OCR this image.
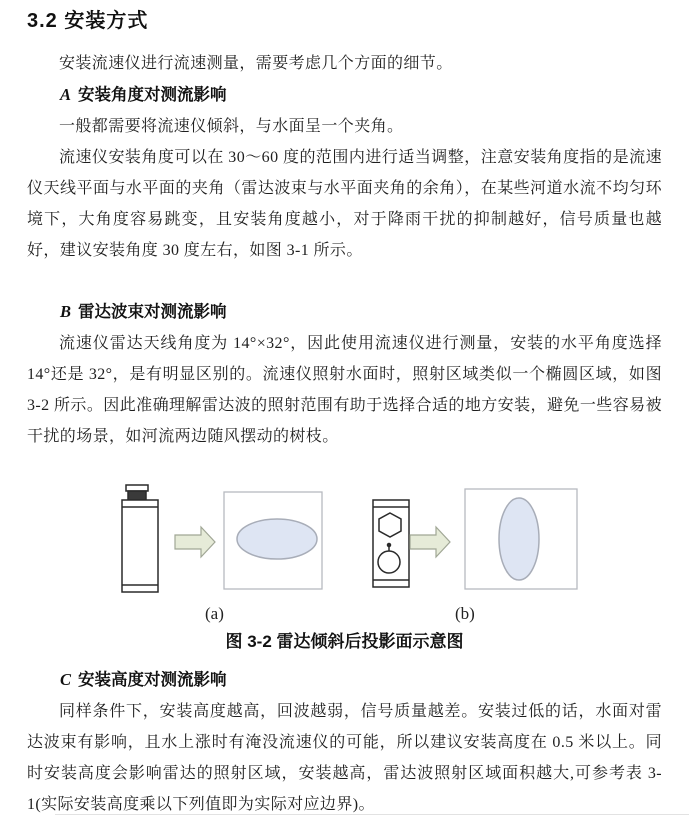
3.2 安装方式

安装流速仪进行流速测量，需要考虑几个方面的细节。

A 安装角度对测流影响

一般都需要将流速仪倾斜，与水面呈一个夹角。

流速仪安装角度可以在 30～60 度的范围内进行适当调整，注意安装角度指的是流速仪天线平面与水平面的夹角（雷达波束与水平面夹角的余角），在某些河道水流不均匀环境下，大角度容易跳变，且安装角度越小，对于降雨干扰的抑制越好，信号质量也越好，建议安装角度 30 度左右，如图 3-1 所示。

B 雷达波束对测流影响

流速仪雷达天线角度为 14°×32°，因此使用流速仪进行测量，安装的水平角度选择 14°还是 32°，是有明显区别的。流速仪照射水面时，照射区域类似一个椭圆区域，如图 3-2 所示。因此准确理解雷达波的照射范围有助于选择合适的地方安装，避免一些容易被干扰的场景，如河流两边随风摆动的树枝。

(a)	(b)
图 3-2 雷达倾斜后投影面示意图
C 安装高度对测流影响

同样条件下，安装高度越高，回波越弱，信号质量越差。安装过低的话，水面对雷达波束有影响，且水上涨时有淹没流速仪的可能，所以建议安装高度在 0.5 米以上。同时安装高度会影响雷达的照射区域，安装越高，雷达波照射区域面积越大,可参考表 3-1(实际安装高度乘以下列值即为实际对应边界)。
